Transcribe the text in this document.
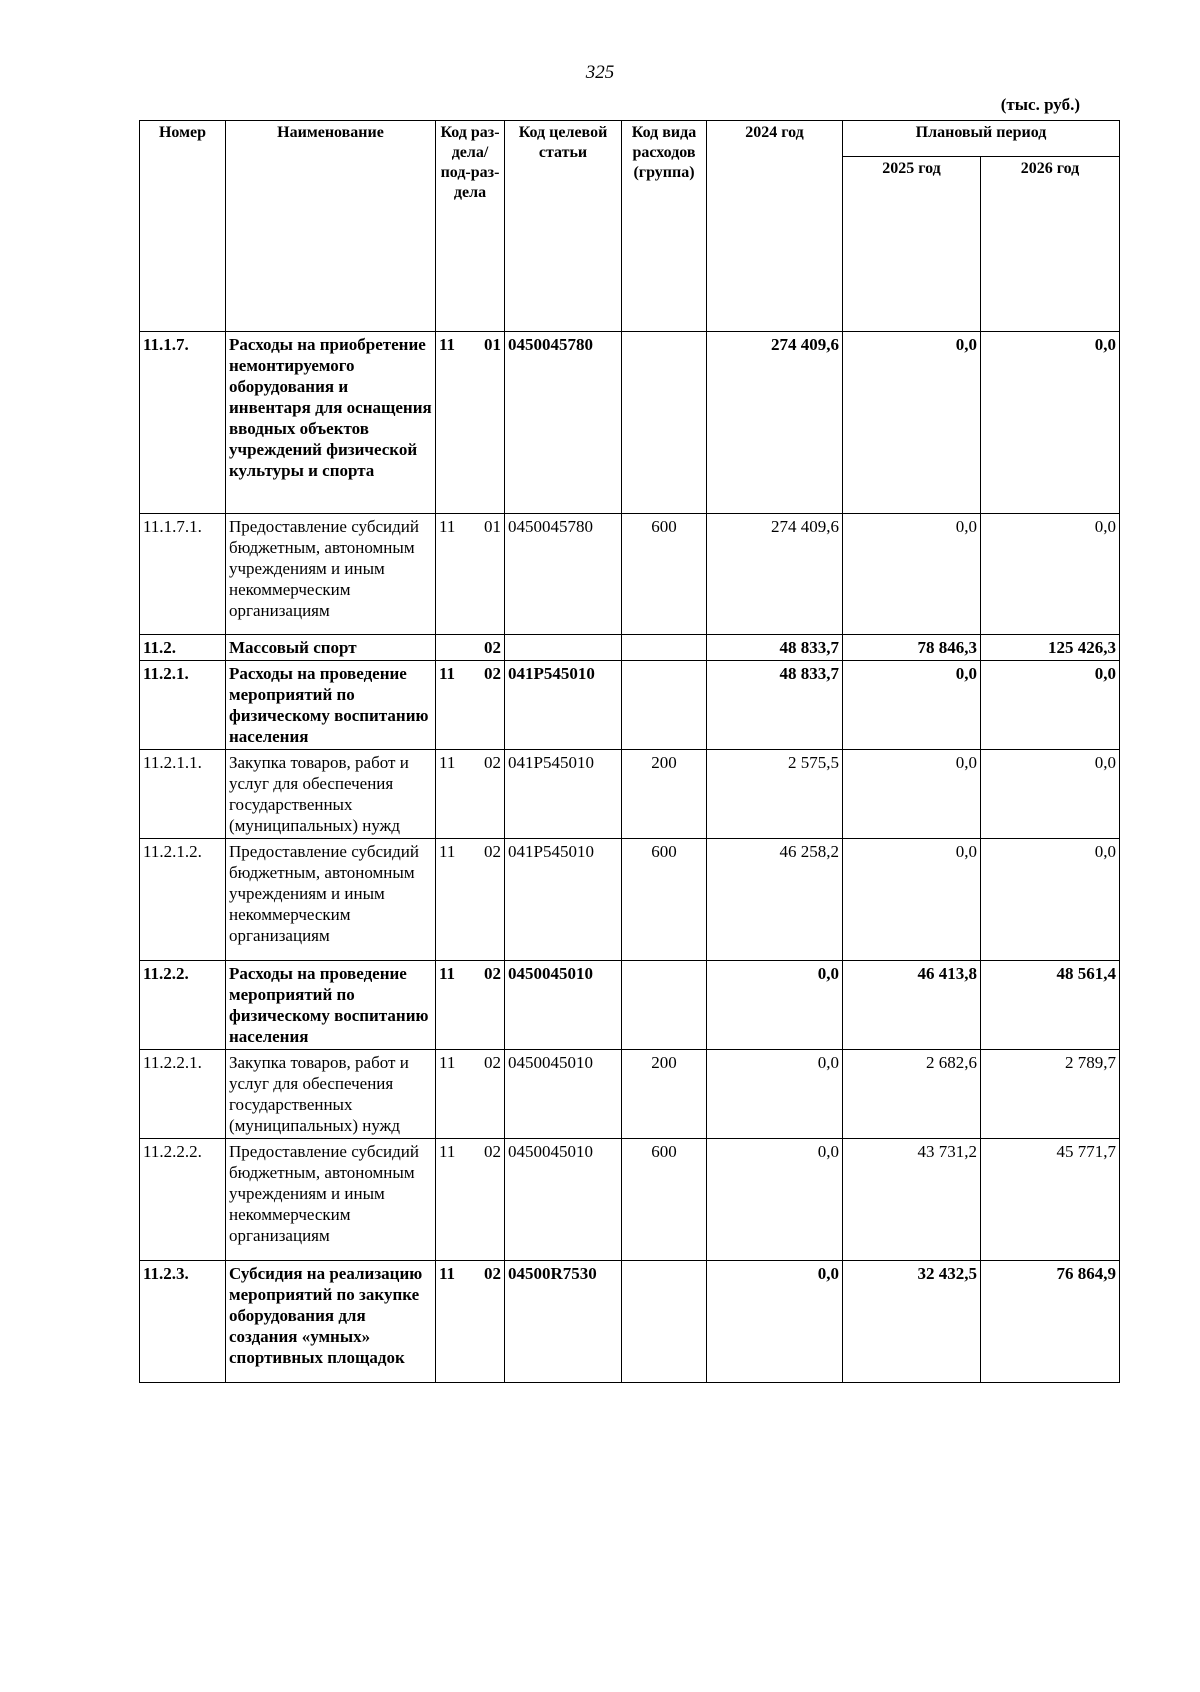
325
(тыс. руб.)
Номер	Наименование	Код раз-дела/ под-раз-дела	Код целевой статьи	Код вида расходов (группа)	2024 год	Плановый период	
						2025 год	2026 год
11.1.7.	Расходы на приобретение немонтируемого оборудования и инвентаря для оснащения вводных объектов учреждений физической культуры и спорта	11 01	0450045780		274 409,6	0,0	0,0
11.1.7.1.	Предоставление субсидий бюджетным, автономным учреждениям и иным некоммерческим организациям	11 01	0450045780	600	274 409,6	0,0	0,0
11.2.	Массовый спорт	02			48 833,7	78 846,3	125 426,3
11.2.1.	Расходы на проведение мероприятий по физическому воспитанию населения	11 02	041P545010		48 833,7	0,0	0,0
11.2.1.1.	Закупка товаров, работ и услуг для обеспечения государственных (муниципальных) нужд	11 02	041P545010	200	2 575,5	0,0	0,0
11.2.1.2.	Предоставление субсидий бюджетным, автономным учреждениям и иным некоммерческим организациям	11 02	041P545010	600	46 258,2	0,0	0,0
11.2.2.	Расходы на проведение мероприятий по физическому воспитанию населения	11 02	0450045010		0,0	46 413,8	48 561,4
11.2.2.1.	Закупка товаров, работ и услуг для обеспечения государственных (муниципальных) нужд	11 02	0450045010	200	0,0	2 682,6	2 789,7
11.2.2.2.	Предоставление субсидий бюджетным, автономным учреждениям и иным некоммерческим организациям	11 02	0450045010	600	0,0	43 731,2	45 771,7
11.2.3.	Субсидия на реализацию мероприятий по закупке оборудования для создания «умных» спортивных площадок	11 02	04500R7530		0,0	32 432,5	76 864,9
